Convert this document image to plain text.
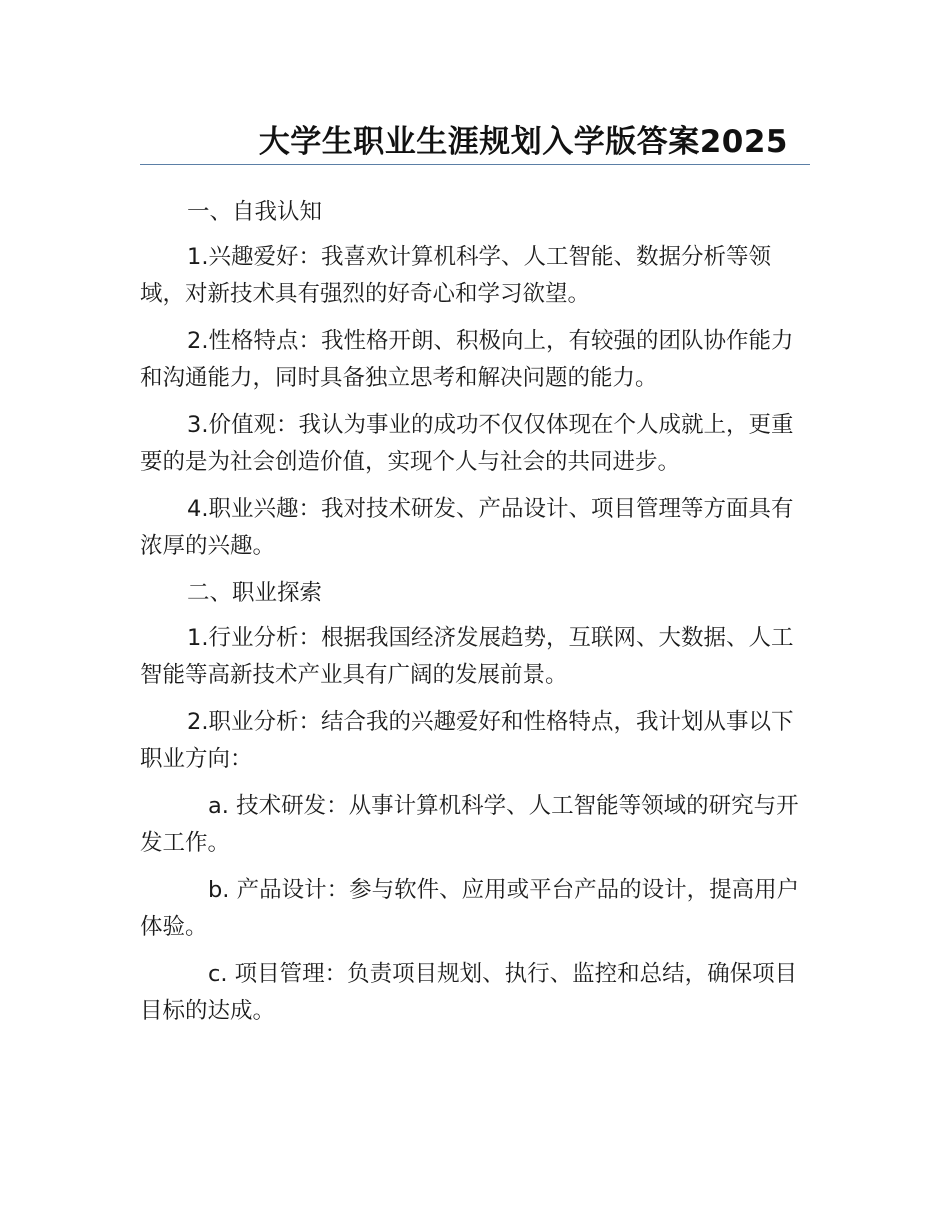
大学生职业生涯规划入学版答案2025

一、自我认知

1.兴趣爱好：我喜欢计算机科学、人工智能、数据分析等领域，对新技术具有强烈的好奇心和学习欲望。

2.性格特点：我性格开朗、积极向上，有较强的团队协作能力和沟通能力，同时具备独立思考和解决问题的能力。

3.价值观：我认为事业的成功不仅仅体现在个人成就上，更重要的是为社会创造价值，实现个人与社会的共同进步。

4.职业兴趣：我对技术研发、产品设计、项目管理等方面具有浓厚的兴趣。

二、职业探索

1.行业分析：根据我国经济发展趋势，互联网、大数据、人工智能等高新技术产业具有广阔的发展前景。

2.职业分析：结合我的兴趣爱好和性格特点，我计划从事以下职业方向：

a. 技术研发：从事计算机科学、人工智能等领域的研究与开发工作。

b. 产品设计：参与软件、应用或平台产品的设计，提高用户体验。

c. 项目管理：负责项目规划、执行、监控和总结，确保项目目标的达成。
